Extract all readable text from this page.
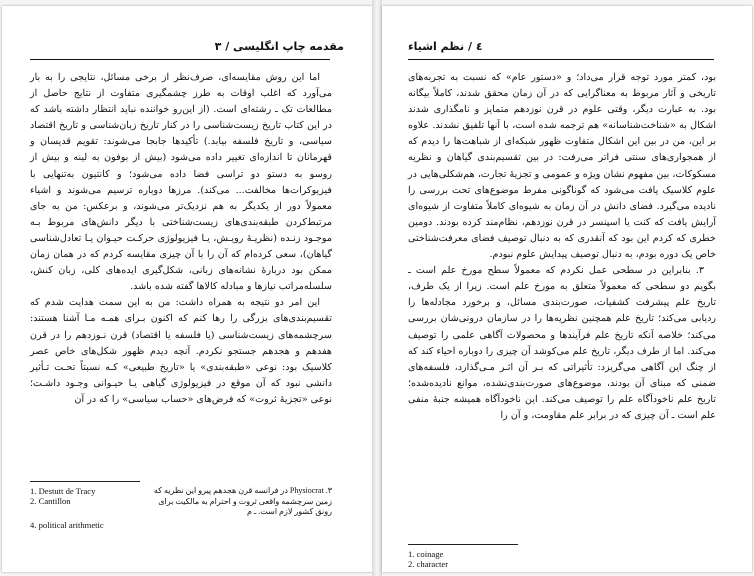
مقدمه چاپ انگلیسی / ۳

اما این روش مقایسه‌ای، صرف‌نظر از برخی مسائل، نتایجی را به بار می‌آورد که اغلب اوقات به طرز چشمگیری متفاوت از نتایج حاصل از مطالعات تک ـ رشته‌ای است. (از این‌رو خواننده نباید انتظار داشته باشد که در این کتاب تاریخ زیست‌شناسی را در کنار تاریخ زبان‌شناسی و تاریخ اقتصاد سیاسی، و تاریخ فلسفه بیابد.) تأکیدها جابجا می‌شوند: تقویم قدیسان و قهرمانان تا اندازه‌ای تغییر داده می‌شود (بیش از بوفون به لینه و بیش از روسو به دستو دو تراسی فضا داده می‌شود؛ و کانتیون به‌تنهایی با فیزیوکرات‌ها مخالفت... می‌کند). مرزها دوباره ترسیم می‌شوند و اشیاء معمولاً دور از یکدیگر به هم نزدیک‌تر می‌شوند، و برعکس: من به جای مرتبط‌کردن طبقه‌بندی‌های زیست‌شناختی با دیگر دانش‌های مربوط بـه موجـود زنـده (نظریـهٔ رویـش، یـا فیزیولوژی حرکـت حیـوان یـا تعادل‌شناسی گیاهان)، سعی کرده‌ام که آن را با آن چیزی مقایسه کردم که در همان زمان ممکن بود دربارهٔ نشانه‌های زبانی، شکل‌گیری ایده‌های کلی، زبان کنش، سلسله‌مراتب نیازها و مبادله کالاها گفته شده باشد.

این امر دو نتیجه به همراه داشت: من به این سمت هدایت شدم که تقسیم‌بندی‌های بزرگی را رها کنم که اکنون بـرای همـه مـا آشنا هستند: سرچشمه‌های زیست‌شناسی (یا فلسفه یا اقتصاد) قرن نـوزدهم را در قرن هفدهم و هجدهم جستجو نکردم. آنچه دیدم ظهور شکل‌های خاص عصر کلاسیک بود: نوعی «طبقه‌بندی» یا «تاریخ طبیعی» کـه نسبتاً تحـت تـأثیر دانشی نبود که آن موقع در فیزیولوژی گیاهی یـا حیـوانی وجـود داشـت؛ نوعی «تجزیهٔ ثروت» که فرض‌های «حساب سیاسی» را که در آن

1. Destutt de Tracy
2. Cantillon
۳. Physiocrat در فرانسه قرن هجدهم پیرو این نظریه که زمین سرچشمه واقعی ثروت و احترام به مالکیت برای رونق کشور لازم است. ـ م
4. political arithmetic
٤ / نظم اشیاء

بود، کمتر مورد توجه قرار می‌داد؛ و «دستور عام» که نسبت به تجربه‌های تاریخی و آثار مربوط به معناگرایی که در آن زمان محقق شدند، کاملاً بیگانه بود. به عبارت دیگر، وقتی علوم در قرن نوزدهم متمایز و نامگذاری شدند اشکال به «شناخت‌شناسانه» هم ترجمه شده است، با آنها تلفیق نشدند. علاوه بر این، من در بین این اشکال متفاوت ظهور شبکه‌ای از شباهت‌ها را دیدم که از همجواری‌های سنتی فراتر می‌رفت: در بین تقسیم‌بندی گیاهان و نظریه مسکوکات، بین مفهوم نشان ویژه و عمومی و تجزیهٔ تجارت، هم‌شکلی‌هایی در علوم کلاسیک یافت می‌شود که گوناگونی مفرط موضوع‌های تحت بررسی را نادیده می‌گیرد. فضای دانش در آن زمان به شیوه‌ای کاملاً متفاوت از شیوه‌ای آرایش یافت که کنت یا اسپنسر در قرن نوزدهم، نظام‌مند کرده بودند. دومین خطری که کردم این بود که آنقدری که به دنبال توصیف فضای معرفت‌شناختی خاص یک دوره بودم، به دنبال توصیف پیدایش علوم نبودم.

۳. بنابراین در سطحی عمل نکردم که معمولاً سطح مورخ علم است ـ بگویم دو سطحی که معمولاً متعلق به مورخ علم است. زیرا از یک طرف، تاریخ علم پیشرفت کشفیات، صورت‌بندی مسائل، و برخورد مجادله‌ها را ردیابی می‌کند؛ تاریخ علم همچنین نظریه‌ها را در سازمان درونی‌شان بررسی می‌کند؛ خلاصه آنکه تاریخ علم فرآیندها و محصولات آگاهی علمی را توصیف می‌کند. اما از طرف دیگر، تاریخ علم می‌کوشد آن چیزی را دوباره احیاء کند که از چنگ این آگاهی می‌گریزد: تأثیراتی که بـر آن اثـر مـی‌گذارد، فلسفه‌های ضمنی که مبنای آن بودند، موضوع‌های صورت‌بندی‌نشده، موانع نادیده‌شده؛ تاریخ علم ناخودآگاه علم را توصیف می‌کند. این ناخودآگاه همیشه جنبهٔ منفی علم است ـ آن چیزی که در برابر علم مقاومت، و آن را

1. coinage
2. character
